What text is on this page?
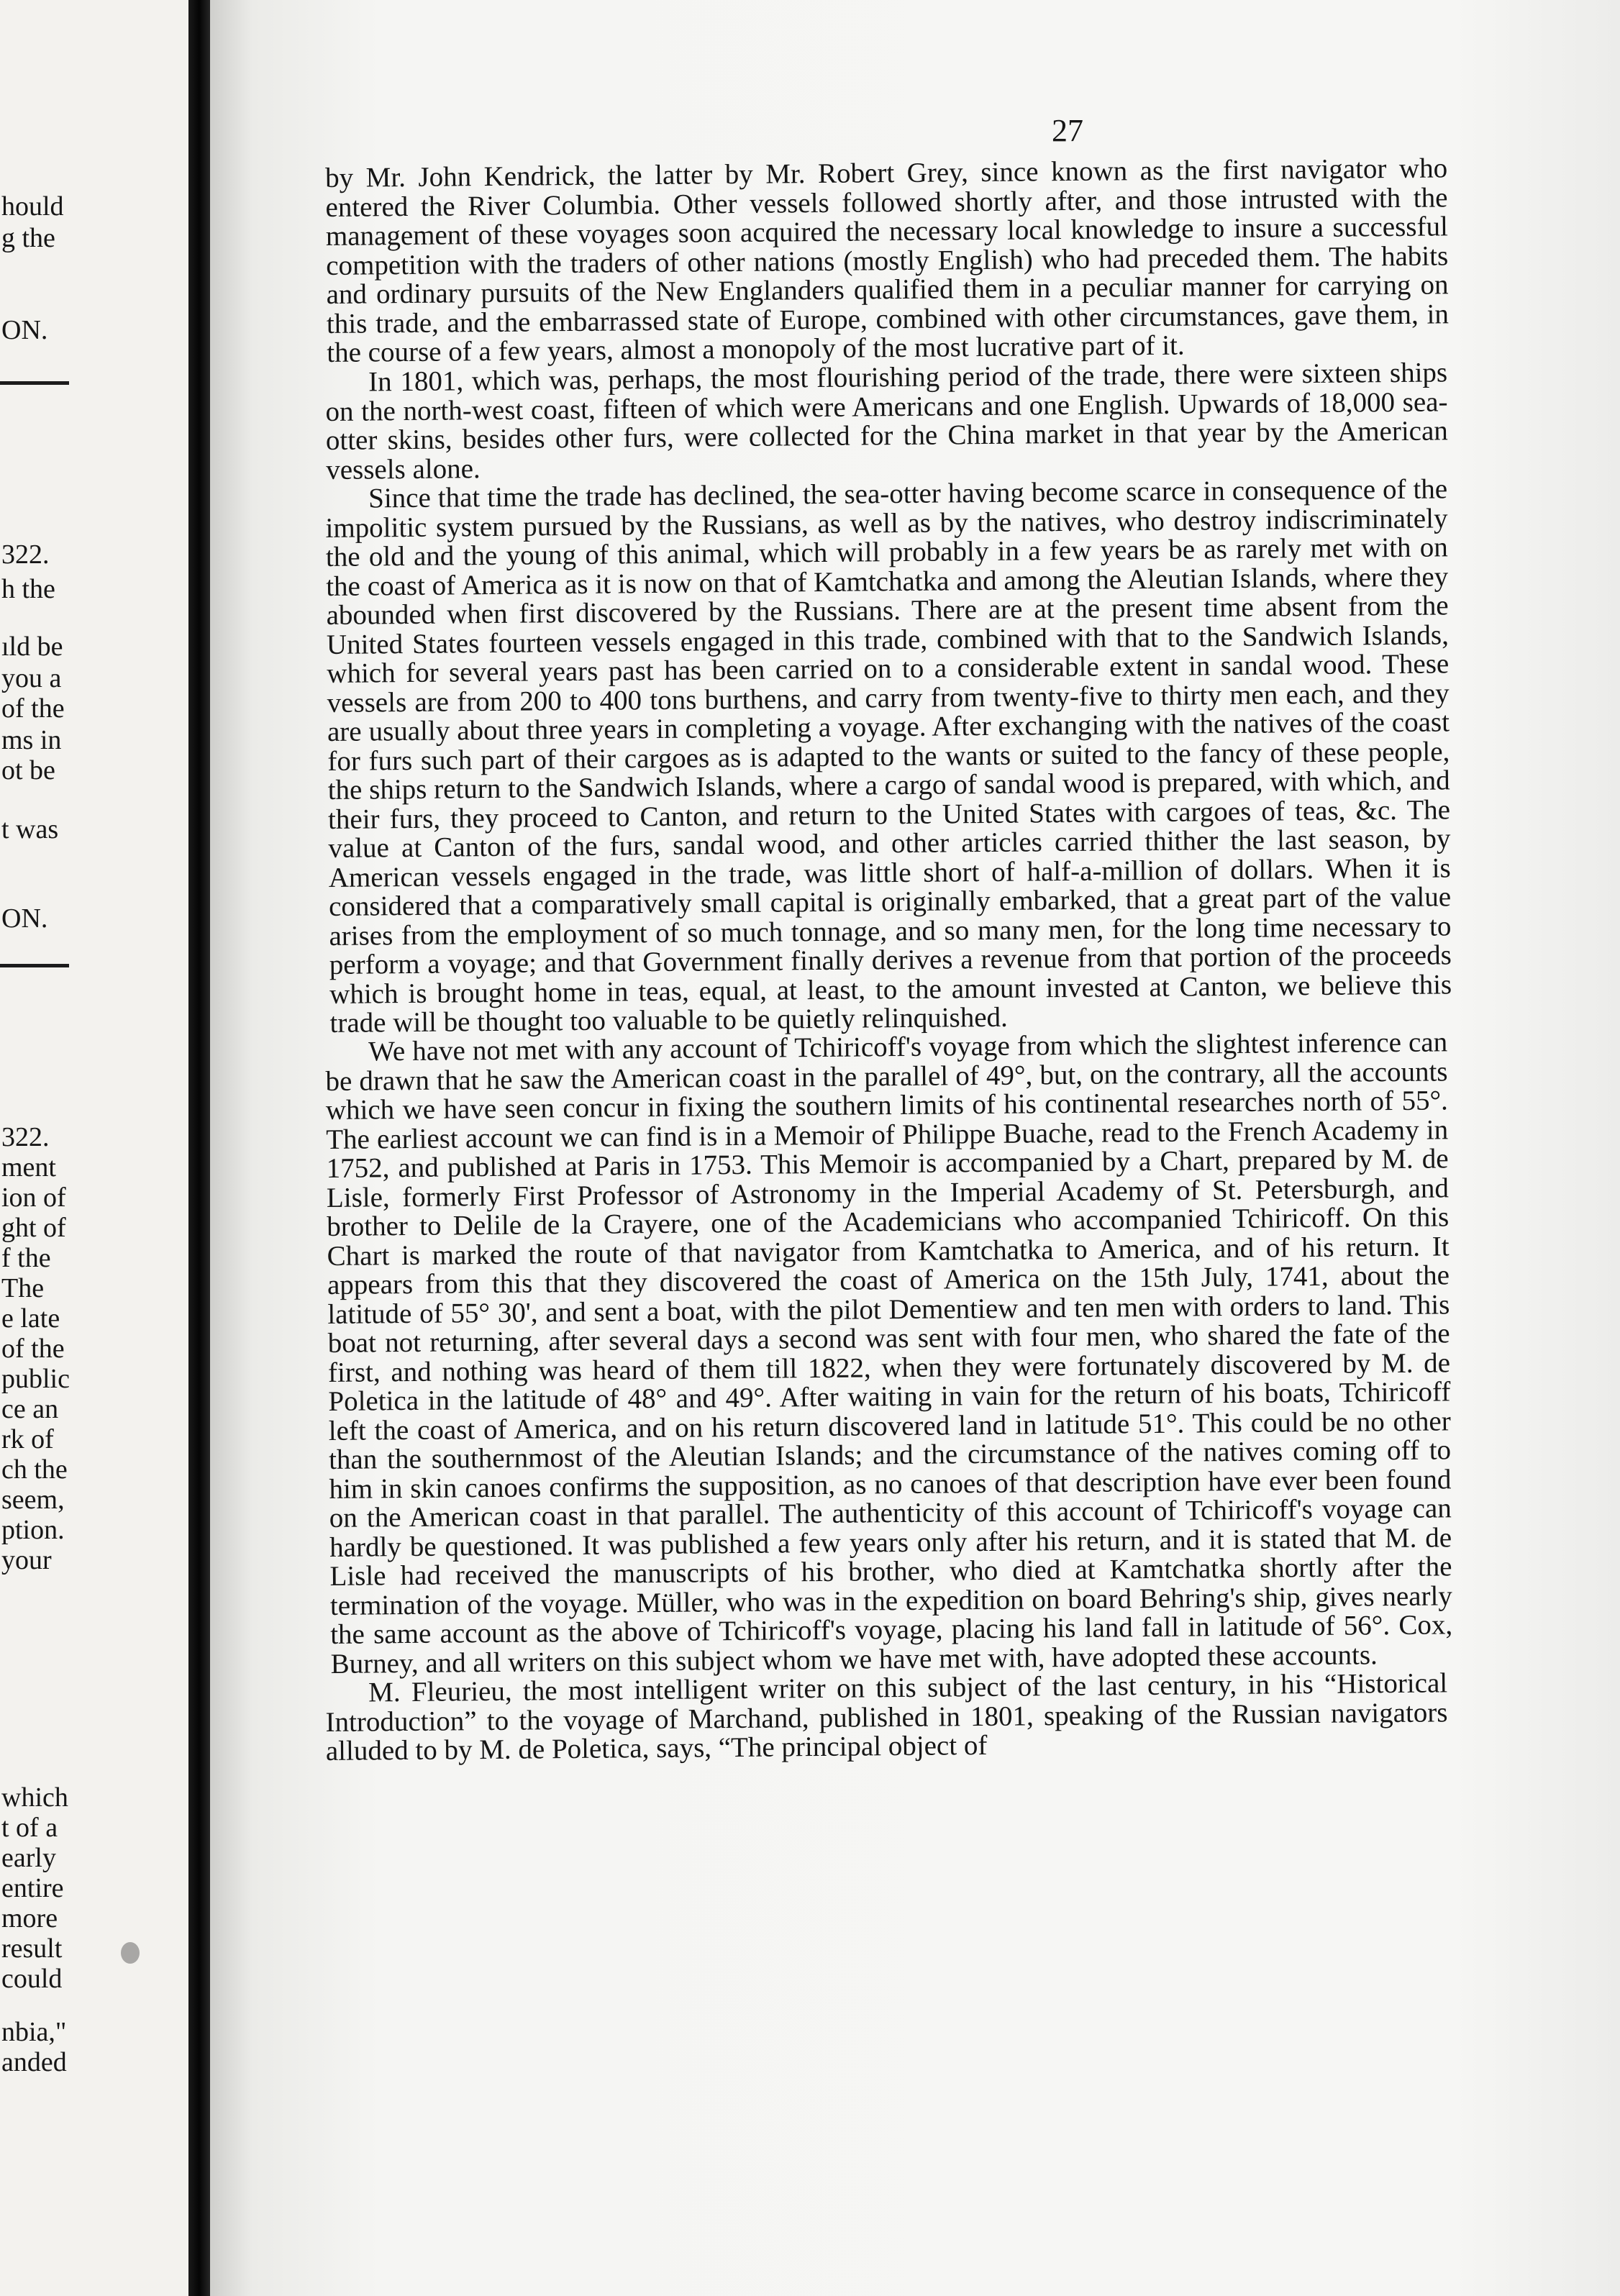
hould
g the
ON.
322.
h the
ıld be
you a
of the
ms in
ot be
t was
ON.
322.
ment
ion of
ght of
f the
The
e late
of the
public
ce an
rk of
ch the
seem,
ption.
your
which
t of a
early
entire
more
result
could
nbia,"
anded
27

by Mr. John Kendrick, the latter by Mr. Robert Grey, since known as the first navigator who entered the River Columbia. Other vessels followed shortly after, and those intrusted with the management of these voyages soon acquired the necessary local knowledge to insure a successful competition with the traders of other nations (mostly English) who had preceded them. The habits and ordinary pursuits of the New Englanders qualified them in a peculiar manner for carrying on this trade, and the embarrassed state of Europe, combined with other circumstances, gave them, in the course of a few years, almost a monopoly of the most lucrative part of it.

In 1801, which was, perhaps, the most flourishing period of the trade, there were sixteen ships on the north-west coast, fifteen of which were Americans and one English. Upwards of 18,000 sea-otter skins, besides other furs, were collected for the China market in that year by the American vessels alone.

Since that time the trade has declined, the sea-otter having become scarce in consequence of the impolitic system pursued by the Russians, as well as by the natives, who destroy indiscriminately the old and the young of this animal, which will probably in a few years be as rarely met with on the coast of America as it is now on that of Kamtchatka and among the Aleutian Islands, where they abounded when first discovered by the Russians. There are at the present time absent from the United States fourteen vessels engaged in this trade, combined with that to the Sandwich Islands, which for several years past has been carried on to a considerable extent in sandal wood. These vessels are from 200 to 400 tons burthens, and carry from twenty-five to thirty men each, and they are usually about three years in completing a voyage. After exchanging with the natives of the coast for furs such part of their cargoes as is adapted to the wants or suited to the fancy of these people, the ships return to the Sandwich Islands, where a cargo of sandal wood is prepared, with which, and their furs, they proceed to Canton, and return to the United States with cargoes of teas, &c. The value at Canton of the furs, sandal wood, and other articles carried thither the last season, by American vessels engaged in the trade, was little short of half-a-million of dollars. When it is considered that a comparatively small capital is originally embarked, that a great part of the value arises from the employment of so much tonnage, and so many men, for the long time necessary to perform a voyage; and that Government finally derives a revenue from that portion of the proceeds which is brought home in teas, equal, at least, to the amount invested at Canton, we believe this trade will be thought too valuable to be quietly relinquished.

We have not met with any account of Tchiricoff's voyage from which the slightest inference can be drawn that he saw the American coast in the parallel of 49°, but, on the contrary, all the accounts which we have seen concur in fixing the southern limits of his continental researches north of 55°. The earliest account we can find is in a Memoir of Philippe Buache, read to the French Academy in 1752, and published at Paris in 1753. This Memoir is accompanied by a Chart, prepared by M. de Lisle, formerly First Professor of Astronomy in the Imperial Academy of St. Petersburgh, and brother to Delile de la Crayere, one of the Academicians who accompanied Tchiricoff. On this Chart is marked the route of that navigator from Kamtchatka to America, and of his return. It appears from this that they discovered the coast of America on the 15th July, 1741, about the latitude of 55° 30', and sent a boat, with the pilot Dementiew and ten men with orders to land. This boat not returning, after several days a second was sent with four men, who shared the fate of the first, and nothing was heard of them till 1822, when they were fortunately discovered by M. de Poletica in the latitude of 48° and 49°. After waiting in vain for the return of his boats, Tchiricoff left the coast of America, and on his return discovered land in latitude 51°. This could be no other than the southernmost of the Aleutian Islands; and the circumstance of the natives coming off to him in skin canoes confirms the supposition, as no canoes of that description have ever been found on the American coast in that parallel. The authenticity of this account of Tchiricoff's voyage can hardly be questioned. It was published a few years only after his return, and it is stated that M. de Lisle had received the manuscripts of his brother, who died at Kamtchatka shortly after the termination of the voyage. Müller, who was in the expedition on board Behring's ship, gives nearly the same account as the above of Tchiricoff's voyage, placing his land fall in latitude of 56°. Cox, Burney, and all writers on this subject whom we have met with, have adopted these accounts.

M. Fleurieu, the most intelligent writer on this subject of the last century, in his “Historical Introduction” to the voyage of Marchand, published in 1801, speaking of the Russian navigators alluded to by M. de Poletica, says, “The principal object of
